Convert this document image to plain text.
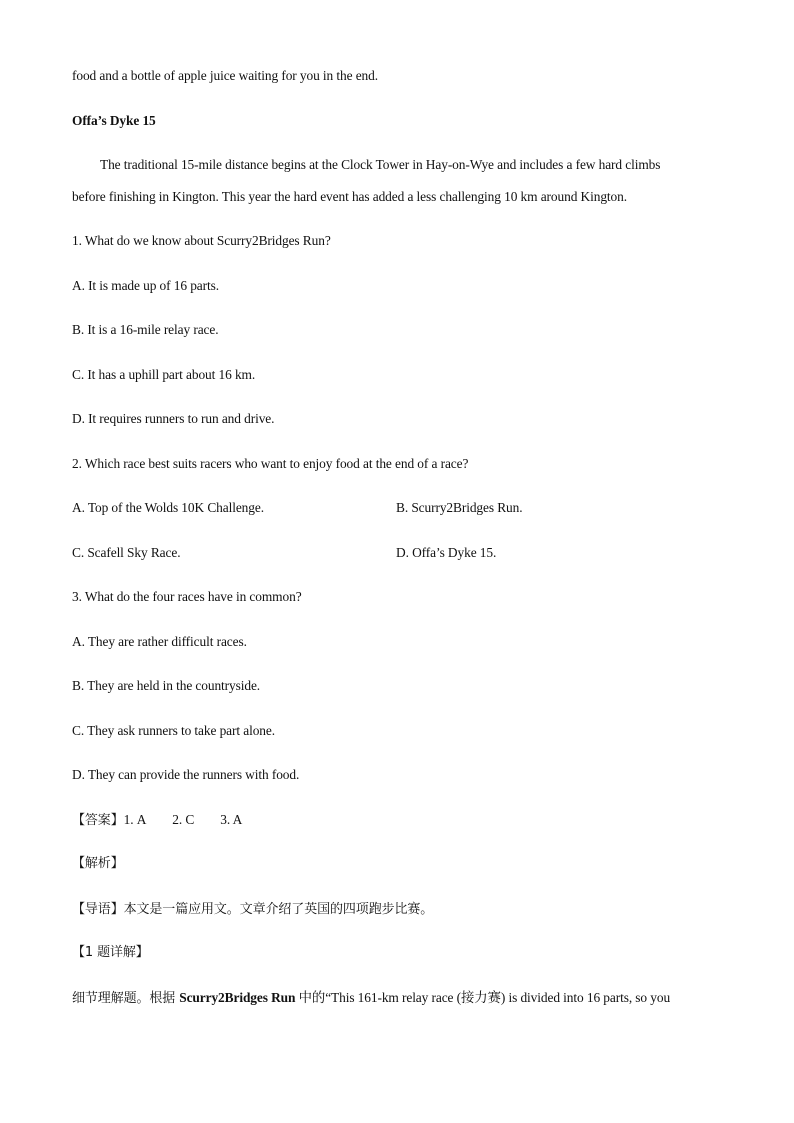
food and a bottle of apple juice waiting for you in the end.
Offa’s Dyke 15
The traditional 15-mile distance begins at the Clock Tower in Hay-on-Wye and includes a few hard climbs
before finishing in Kington. This year the hard event has added a less challenging 10 km around Kington.
1. What do we know about Scurry2Bridges Run?
A. It is made up of 16 parts.
B. It is a 16-mile relay race.
C. It has a uphill part about 16 km.
D. It requires runners to run and drive.
2. Which race best suits racers who want to enjoy food at the end of a race?
A. Top of the Wolds 10K Challenge.	B. Scurry2Bridges Run.
C. Scafell Sky Race.	D. Offa’s Dyke 15.
3. What do the four races have in common?
A. They are rather difficult races.
B. They are held in the countryside.
C. They ask runners to take part alone.
D. They can provide the runners with food.
【答案】1. A 2. C 3. A
【解析】
【导语】本文是一篇应用文。文章介绍了英国的四项跑步比赛。
【1 题详解】
细节理解题。根据 Scurry2Bridges Run 中的“This 161-km relay race (接力赛) is divided into 16 parts, so you
